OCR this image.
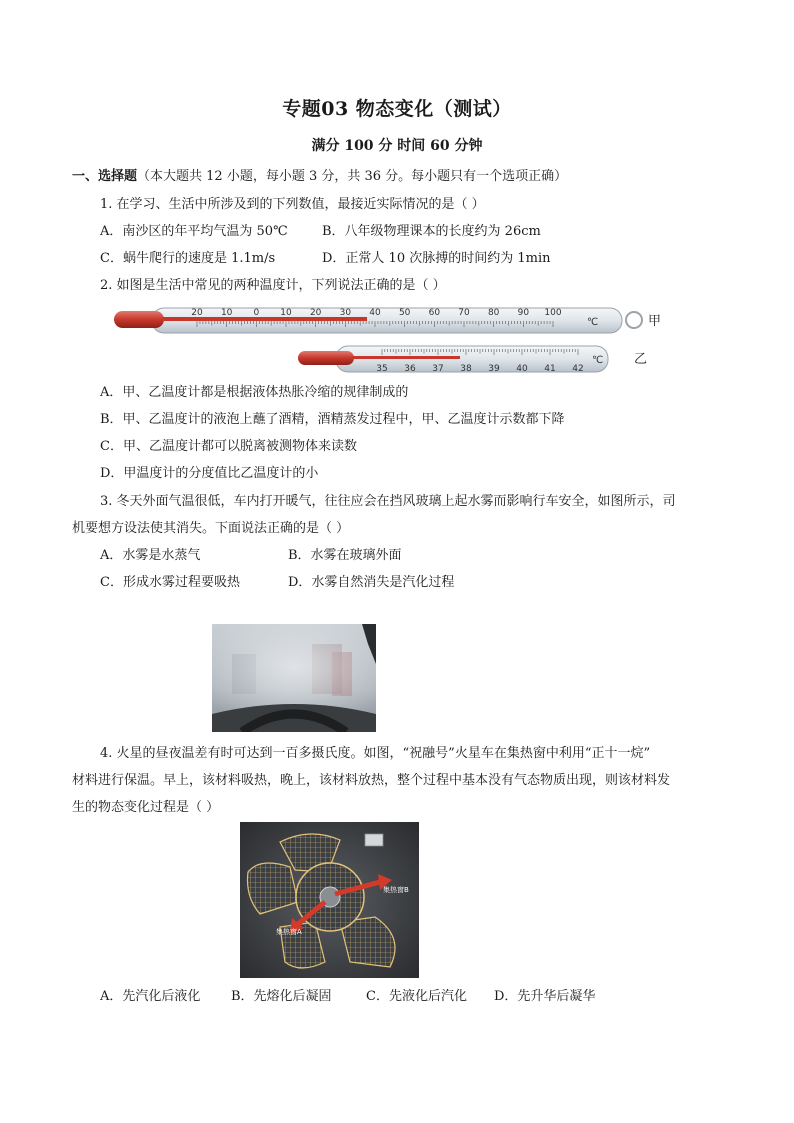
专题03 物态变化（测试）
满分 100 分 时间 60 分钟
一、选择题（本大题共 12 小题，每小题 3 分，共 36 分。每小题只有一个选项正确）
1. 在学习、生活中所涉及到的下列数值，最接近实际情况的是（ ）
A．南沙区的年平均气温为 50℃	B．八年级物理课本的长度约为 26cm
C．蜗牛爬行的速度是 1.1m/s	D．正常人 10 次脉搏的时间约为 1min
2. 如图是生活中常见的两种温度计，下列说法正确的是（ ）
20 10 0 10 20 30 40 50 60 70 80 90 100
℃	甲
35 36 37 38 39 40 41 42
℃ 乙
A．甲、乙温度计都是根据液体热胀冷缩的规律制成的
B．甲、乙温度计的液泡上蘸了酒精，酒精蒸发过程中，甲、乙温度计示数都下降
C．甲、乙温度计都可以脱离被测物体来读数
D．甲温度计的分度值比乙温度计的小
3. 冬天外面气温很低，车内打开暖气，往往应会在挡风玻璃上起水雾而影响行车安全，如图所示，司
机要想方设法使其消失。下面说法正确的是（ ）
A．水雾是水蒸气	B．水雾在玻璃外面
C．形成水雾过程要吸热	D．水雾自然消失是汽化过程
4. 火星的昼夜温差有时可达到一百多摄氏度。如图，“祝融号”火星车在集热窗中利用“正十一烷”
材料进行保温。早上，该材料吸热，晚上，该材料放热，整个过程中基本没有气态物质出现，则该材料发
生的物态变化过程是（ ）
集热窗B
集热窗A
A．先汽化后液化 B．先熔化后凝固	C．先液化后汽化 D．先升华后凝华
